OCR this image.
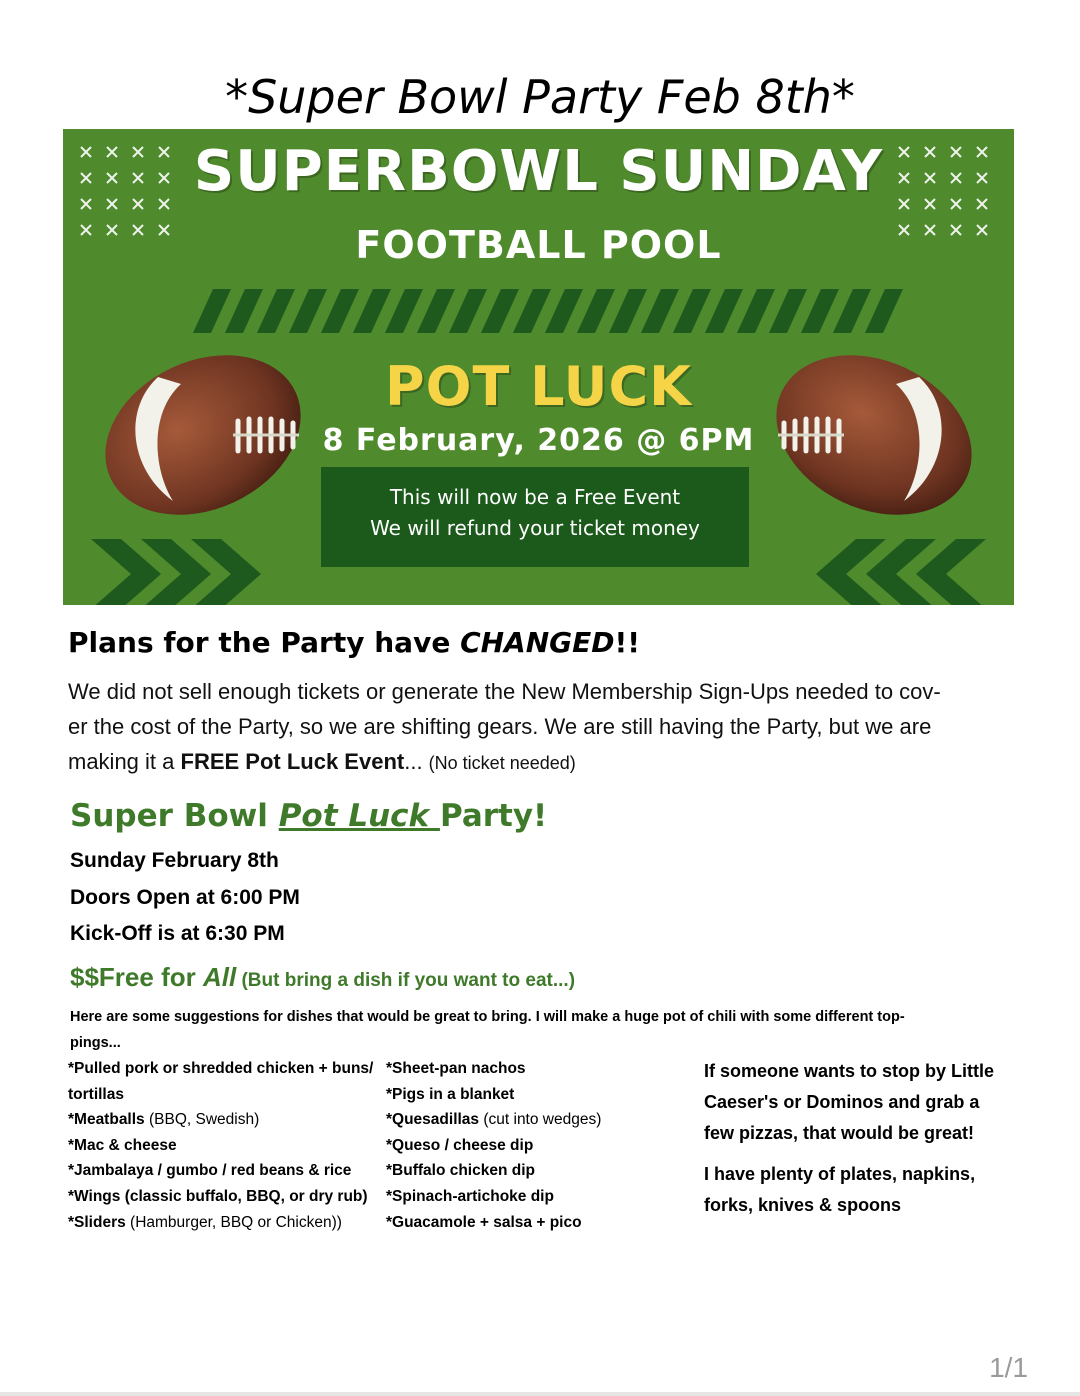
*Super Bowl Party Feb 8th*
SUPERBOWL SUNDAY
FOOTBALL POOL
POT LUCK
8 February, 2026 @ 6PM
This will now be a Free Event
We will refund your ticket money
Plans for the Party have CHANGED!!
We did not sell enough tickets or generate the New Membership Sign-Ups needed to cov-
er the cost of the Party, so we are shifting gears. We are still having the Party, but we are
making it a FREE Pot Luck Event... (No ticket needed)
Super Bowl Pot Luck Party!
Sunday February 8th
Doors Open at 6:00 PM
Kick-Off is at 6:30 PM
$$Free for All (But bring a dish if you want to eat...)
Here are some suggestions for dishes that would be great to bring. I will make a huge pot of chili with some different top-
pings...
*Pulled pork or shredded chicken + buns/
tortillas
*Meatballs (BBQ, Swedish)
*Mac & cheese
*Jambalaya / gumbo / red beans & rice
*Wings (classic buffalo, BBQ, or dry rub)
*Sliders (Hamburger, BBQ or Chicken))
*Sheet-pan nachos
*Pigs in a blanket
*Quesadillas (cut into wedges)
*Queso / cheese dip
*Buffalo chicken dip
*Spinach-artichoke dip
*Guacamole + salsa + pico
If someone wants to stop by Little
Caeser's or Dominos and grab a
few pizzas, that would be great!
I have plenty of plates, napkins,
forks, knives & spoons
1/1
